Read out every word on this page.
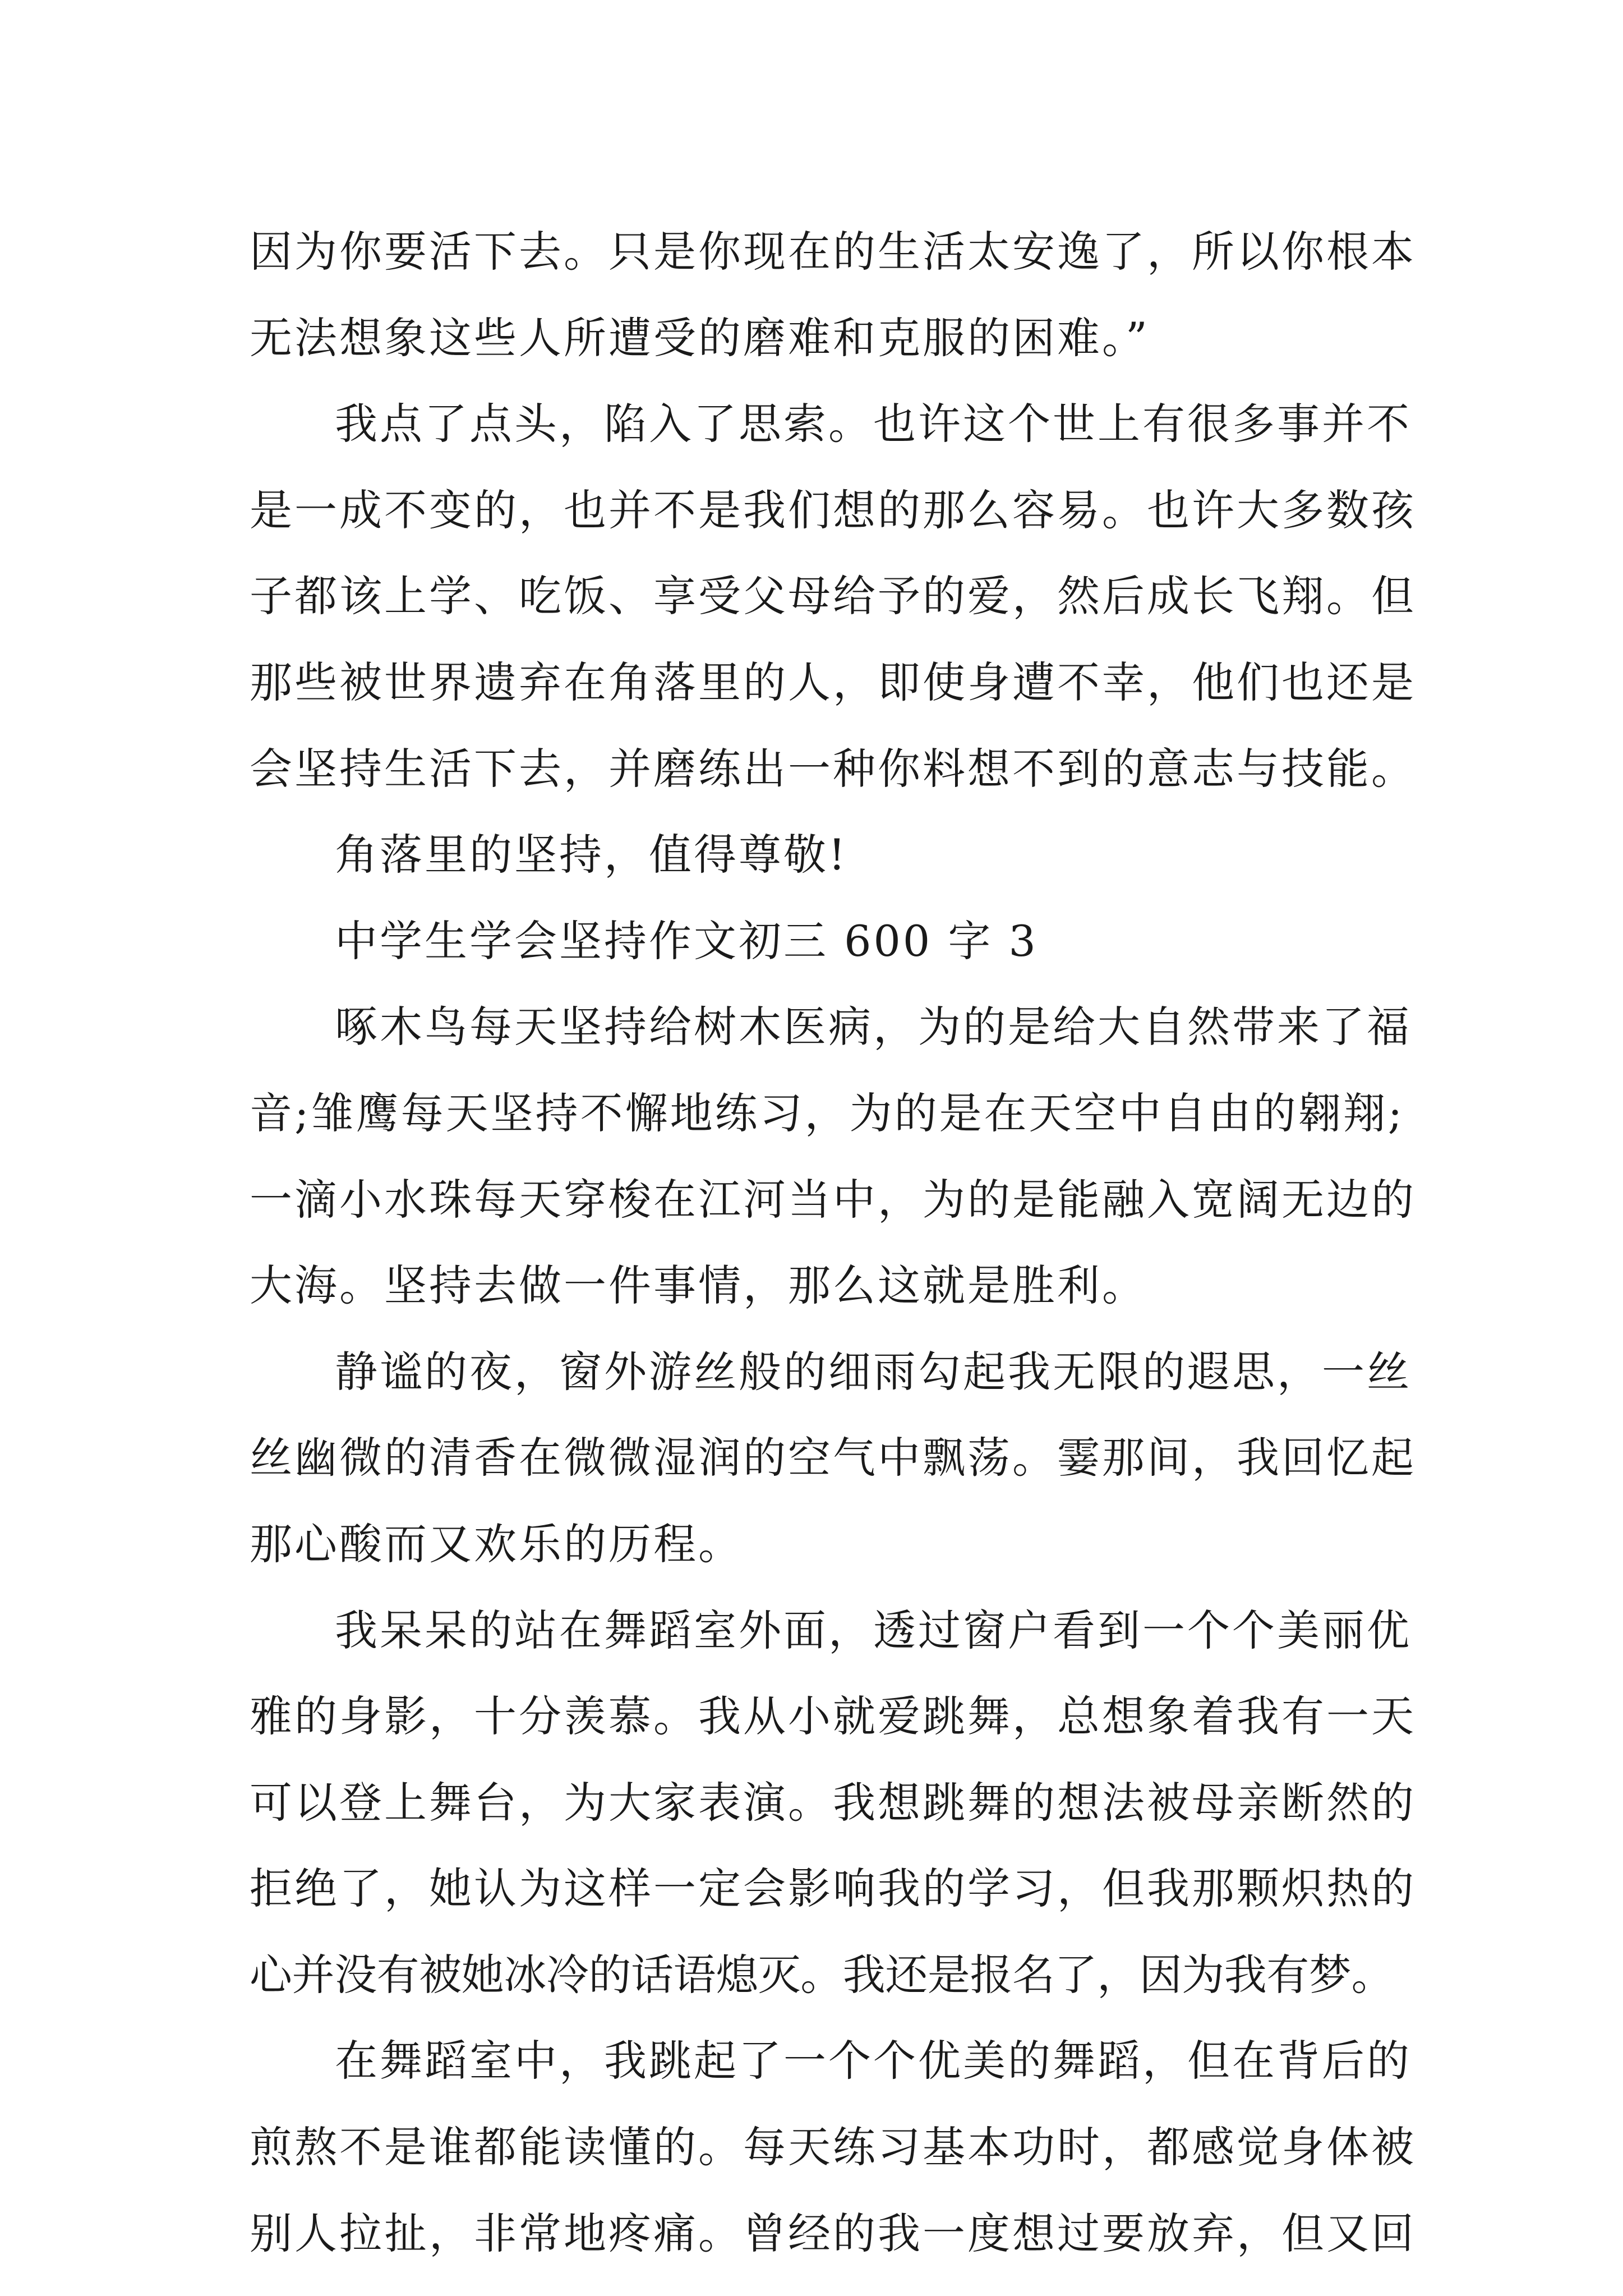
因为你要活下去。只是你现在的生活太安逸了，所以你根本
无法想象这些人所遭受的磨难和克服的困难。”
我点了点头，陷入了思索。也许这个世上有很多事并不
是一成不变的，也并不是我们想的那么容易。也许大多数孩
子都该上学、吃饭、享受父母给予的爱，然后成长飞翔。但
那些被世界遗弃在角落里的人，即使身遭不幸，他们也还是
会坚持生活下去，并磨练出一种你料想不到的意志与技能。
角落里的坚持，值得尊敬!
中学生学会坚持作文初三 600 字 3
啄木鸟每天坚持给树木医病，为的是给大自然带来了福
音;雏鹰每天坚持不懈地练习，为的是在天空中自由的翱翔;
一滴小水珠每天穿梭在江河当中，为的是能融入宽阔无边的
大海。坚持去做一件事情，那么这就是胜利。
静谧的夜，窗外游丝般的细雨勾起我无限的遐思，一丝
丝幽微的清香在微微湿润的空气中飘荡。霎那间，我回忆起
那心酸而又欢乐的历程。
我呆呆的站在舞蹈室外面，透过窗户看到一个个美丽优
雅的身影，十分羡慕。我从小就爱跳舞，总想象着我有一天
可以登上舞台，为大家表演。我想跳舞的想法被母亲断然的
拒绝了，她认为这样一定会影响我的学习，但我那颗炽热的
心并没有被她冰冷的话语熄灭。我还是报名了，因为我有梦。
在舞蹈室中，我跳起了一个个优美的舞蹈，但在背后的
煎熬不是谁都能读懂的。每天练习基本功时，都感觉身体被
别人拉扯，非常地疼痛。曾经的我一度想过要放弃，但又回
